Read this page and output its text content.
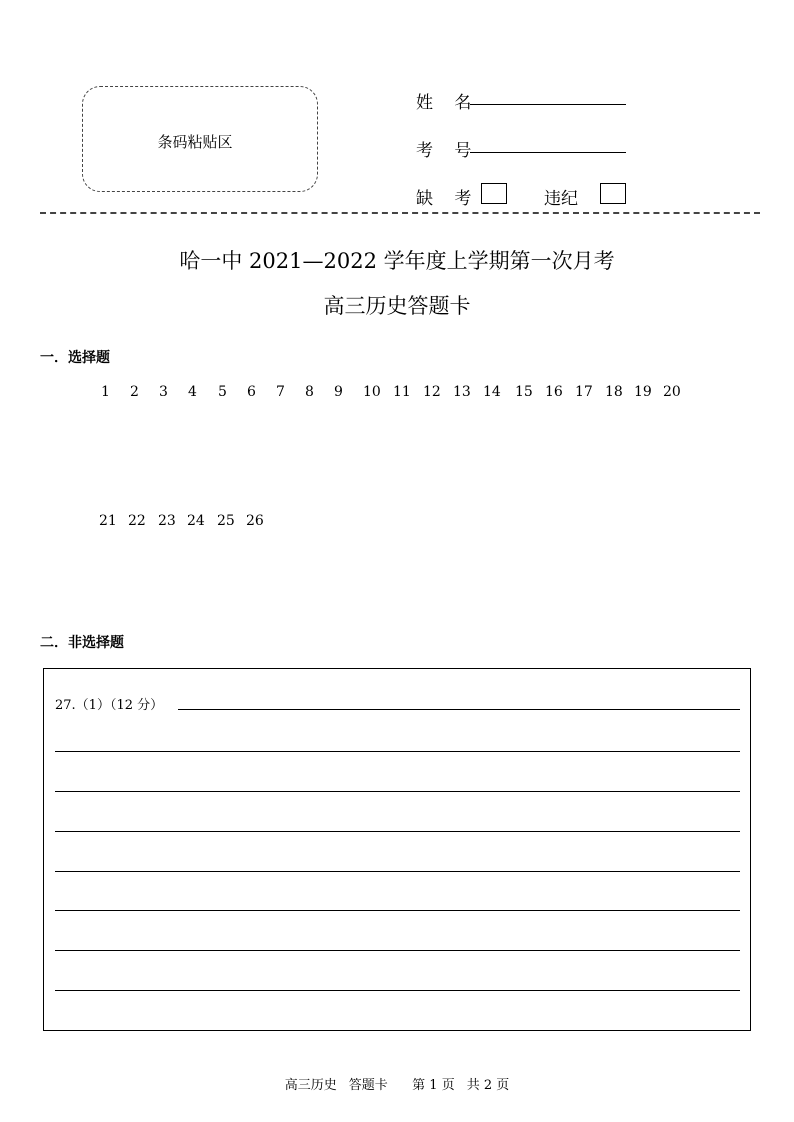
条码粘贴区
姓 名
考 号
缺 考	违纪
哈一中 2021—2022 学年度上学期第一次月考
高三历史答题卡
一．选择题
1 2 3 4 5 6 7 8 9 10 11 12 13 14 15 16 17 18 19 20
21 22 23 24 25 26
二．非选择题
27.（1）（12 分）
高三历史 答题卡 第 1 页 共 2 页
